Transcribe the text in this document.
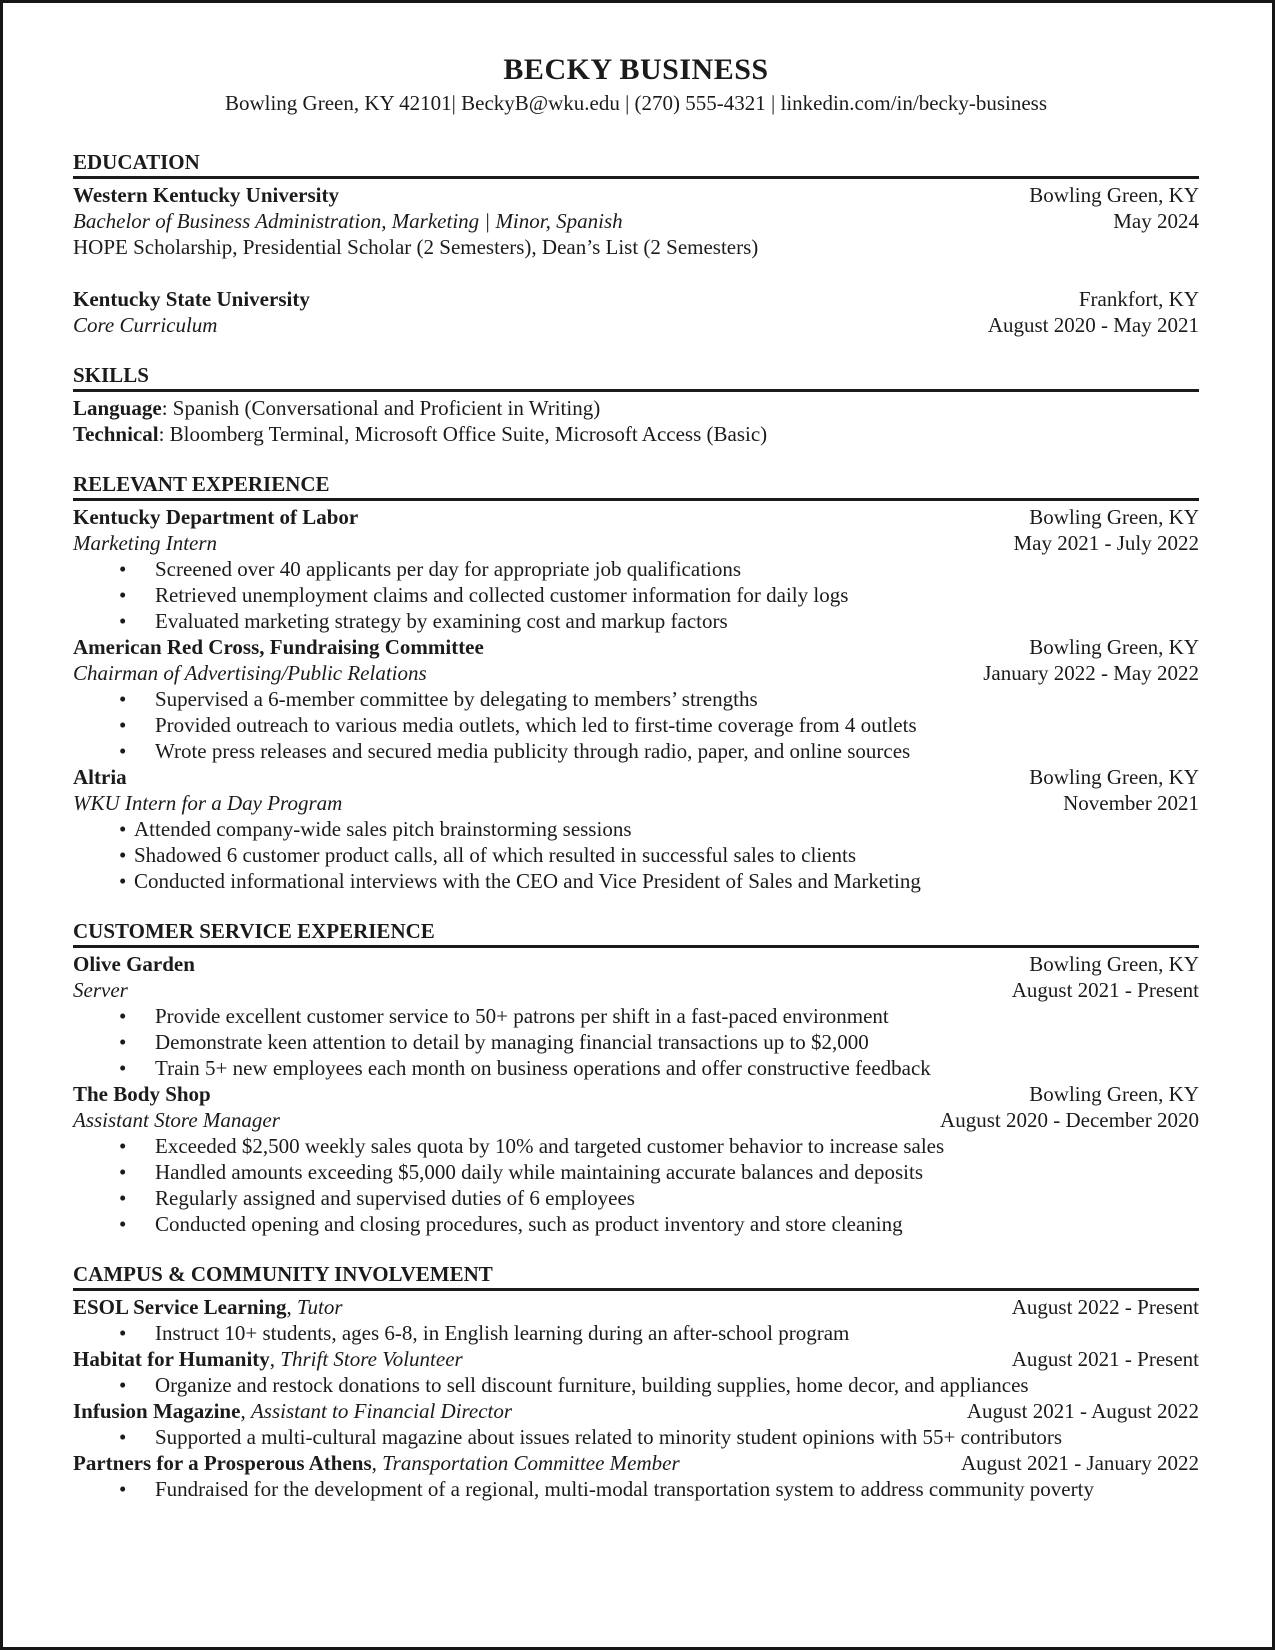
BECKY BUSINESS
Bowling Green, KY 42101| BeckyB@wku.edu | (270) 555-4321 | linkedin.com/in/becky-business
EDUCATION
Western Kentucky University	Bowling Green, KY
Bachelor of Business Administration, Marketing | Minor, Spanish	May 2024
HOPE Scholarship, Presidential Scholar (2 Semesters), Dean’s List (2 Semesters)
Kentucky State University	Frankfort, KY
Core Curriculum	August 2020 - May 2021
SKILLS
Language: Spanish (Conversational and Proficient in Writing)
Technical: Bloomberg Terminal, Microsoft Office Suite, Microsoft Access (Basic)
RELEVANT EXPERIENCE
Kentucky Department of Labor	Bowling Green, KY
Marketing Intern	May 2021 - July 2022
•	Screened over 40 applicants per day for appropriate job qualifications
•	Retrieved unemployment claims and collected customer information for daily logs
•	Evaluated marketing strategy by examining cost and markup factors
American Red Cross, Fundraising Committee	Bowling Green, KY
Chairman of Advertising/Public Relations	January 2022 - May 2022
•	Supervised a 6-member committee by delegating to members’ strengths
•	Provided outreach to various media outlets, which led to first-time coverage from 4 outlets
•	Wrote press releases and secured media publicity through radio, paper, and online sources
Altria	Bowling Green, KY
WKU Intern for a Day Program	November 2021
• Attended company-wide sales pitch brainstorming sessions
• Shadowed 6 customer product calls, all of which resulted in successful sales to clients
• Conducted informational interviews with the CEO and Vice President of Sales and Marketing
CUSTOMER SERVICE EXPERIENCE
Olive Garden	Bowling Green, KY
Server	August 2021 - Present
•	Provide excellent customer service to 50+ patrons per shift in a fast-paced environment
•	Demonstrate keen attention to detail by managing financial transactions up to $2,000
•	Train 5+ new employees each month on business operations and offer constructive feedback
The Body Shop	Bowling Green, KY
Assistant Store Manager	August 2020 - December 2020
•	Exceeded $2,500 weekly sales quota by 10% and targeted customer behavior to increase sales
•	Handled amounts exceeding $5,000 daily while maintaining accurate balances and deposits
•	Regularly assigned and supervised duties of 6 employees
•	Conducted opening and closing procedures, such as product inventory and store cleaning
CAMPUS & COMMUNITY INVOLVEMENT
ESOL Service Learning, Tutor	August 2022 - Present
•	Instruct 10+ students, ages 6-8, in English learning during an after-school program
Habitat for Humanity, Thrift Store Volunteer	August 2021 - Present
•	Organize and restock donations to sell discount furniture, building supplies, home decor, and appliances
Infusion Magazine, Assistant to Financial Director	August 2021 - August 2022
•	Supported a multi-cultural magazine about issues related to minority student opinions with 55+ contributors
Partners for a Prosperous Athens, Transportation Committee Member	August 2021 - January 2022
•	Fundraised for the development of a regional, multi-modal transportation system to address community poverty
